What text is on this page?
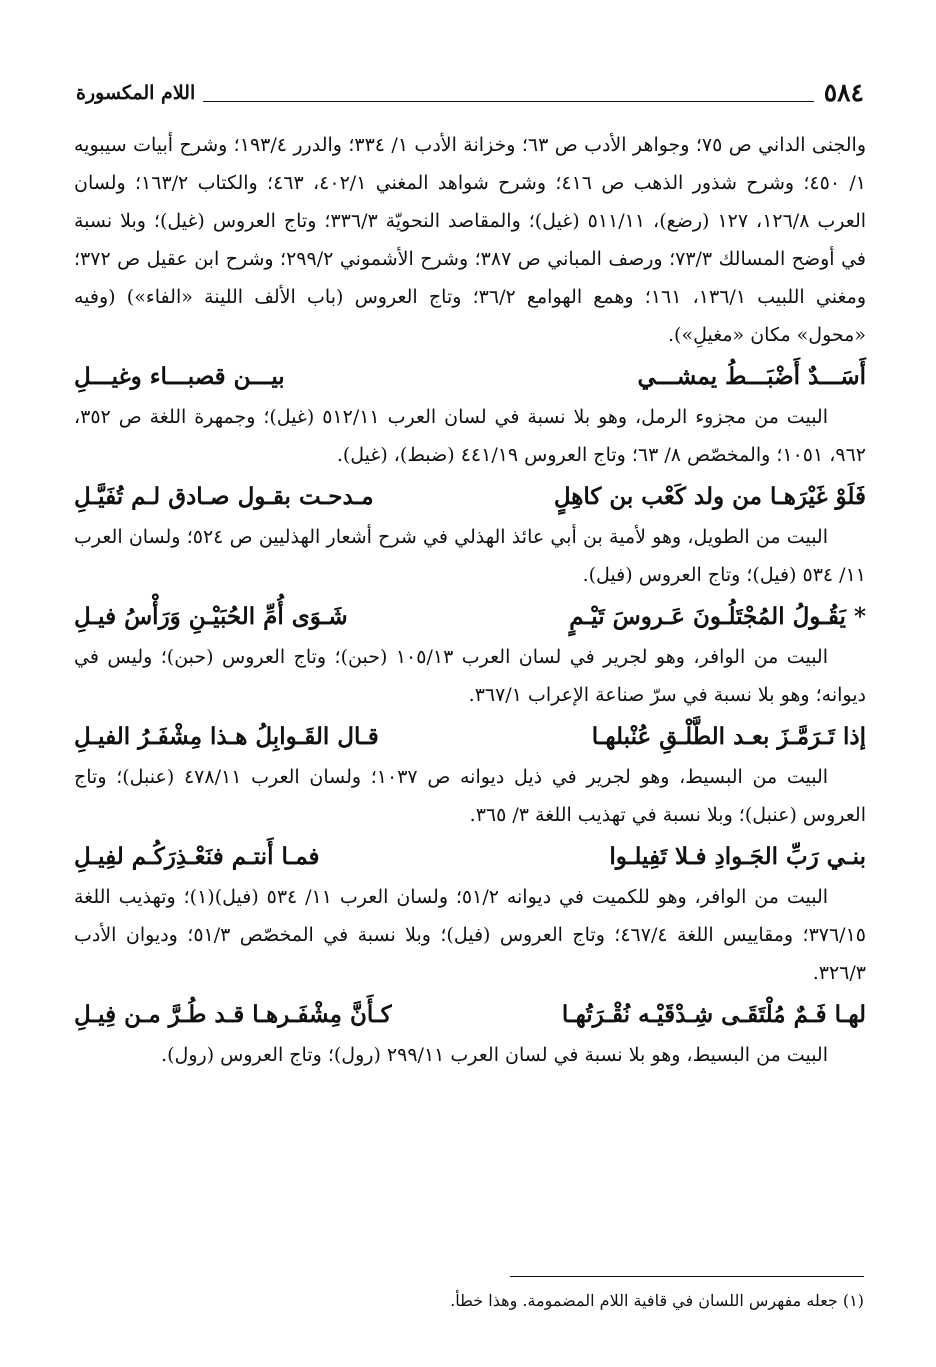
٥٨٤
اللام المكسورة

والجنى الداني ص ٧٥؛ وجواهر الأدب ص ٦٣؛ وخزانة الأدب ١/ ٣٣٤؛ والدرر ١٩٣/٤؛ وشرح أبيات سيبويه ١/ ٤٥٠؛ وشرح شذور الذهب ص ٤١٦؛ وشرح شواهد المغني ٤٠٢/١، ٤٦٣؛ والكتاب ١٦٣/٢؛ ولسان العرب ١٢٦/٨، ١٢٧ (رضع)، ٥١١/١١ (غيل)؛ والمقاصد النحويّة ٣٣٦/٣؛ وتاج العروس (غيل)؛ وبلا نسبة في أوضح المسالك ٧٣/٣؛ ورصف المباني ص ٣٨٧؛ وشرح الأشموني ٢٩٩/٢؛ وشرح ابن عقيل ص ٣٧٢؛ ومغني اللبيب ١٣٦/١، ١٦١؛ وهمع الهوامع ٣٦/٢؛ وتاج العروس (باب الألف اللينة «الفاء») (وفيه «محول» مكان «مغيلِ»).

أَسَـــدٌ أَضْبَـــطُ يمشـــي
بيـــن قصبـــاء وغيـــلِ

البيت من مجزوء الرمل، وهو بلا نسبة في لسان العرب ٥١٢/١١ (غيل)؛ وجمهرة اللغة ص ٣٥٢، ٩٦٢، ١٠٥١؛ والمخصّص ٨/ ٦٣؛ وتاج العروس ٤٤١/١٩ (ضبط)، (غيل).

فَلَوْ غَيْرَهـا من ولد كَعْب بن كاهِلٍ
مـدحـت بقـول صـادق لـم تُفَيَّـلِ

البيت من الطويل، وهو لأمية بن أبي عائذ الهذلي في شرح أشعار الهذليين ص ٥٢٤؛ ولسان العرب ١١/ ٥٣٤ (فيل)؛ وتاج العروس (فيل).

* يَقُـولُ المُجْتَلُـونَ عَـروسَ تَيْـمٍ
شَـوَى أُمِّ الحُبَيْـنِ وَرَأْسُ فيـلِ

البيت من الوافر، وهو لجرير في لسان العرب ١٠٥/١٣ (حبن)؛ وتاج العروس (حبن)؛ وليس في ديوانه؛ وهو بلا نسبة في سرّ صناعة الإعراب ٣٦٧/١.

إذا تَـرَمَّـزَ بعـد الطَّلْـقِ عُنْبلهـا
قـال القَـوابِلُ هـذا مِشْفَـرُ الفيـلِ

البيت من البسيط، وهو لجرير في ذيل ديوانه ص ١٠٣٧؛ ولسان العرب ٤٧٨/١١ (عنبل)؛ وتاج العروس (عنبل)؛ وبلا نسبة في تهذيب اللغة ٣/ ٣٦٥.

بنـي رَبِّ الجَـوادِ فـلا تَفِيلـوا
فمـا أَنتـم فنَعْـذِرَكُـم لفِيـلِ

البيت من الوافر، وهو للكميت في ديوانه ٥١/٢؛ ولسان العرب ١١/ ٥٣٤ (فيل)(١)؛ وتهذيب اللغة ٣٧٦/١٥؛ ومقاييس اللغة ٤٦٧/٤؛ وتاج العروس (فيل)؛ وبلا نسبة في المخصّص ٥١/٣؛ وديوان الأدب ٣٢٦/٣.

لهـا فَـمٌ مُلْتَقَـى شِـدْقَيْـه نُقْـرَتُهـا
كـأَنَّ مِشْفَـرهـا قـد طُـرَّ مـن فِيـلِ

البيت من البسيط، وهو بلا نسبة في لسان العرب ٢٩٩/١١ (رول)؛ وتاج العروس (رول).

(١) جعله مفهرس اللسان في قافية اللام المضمومة. وهذا خطأ.
